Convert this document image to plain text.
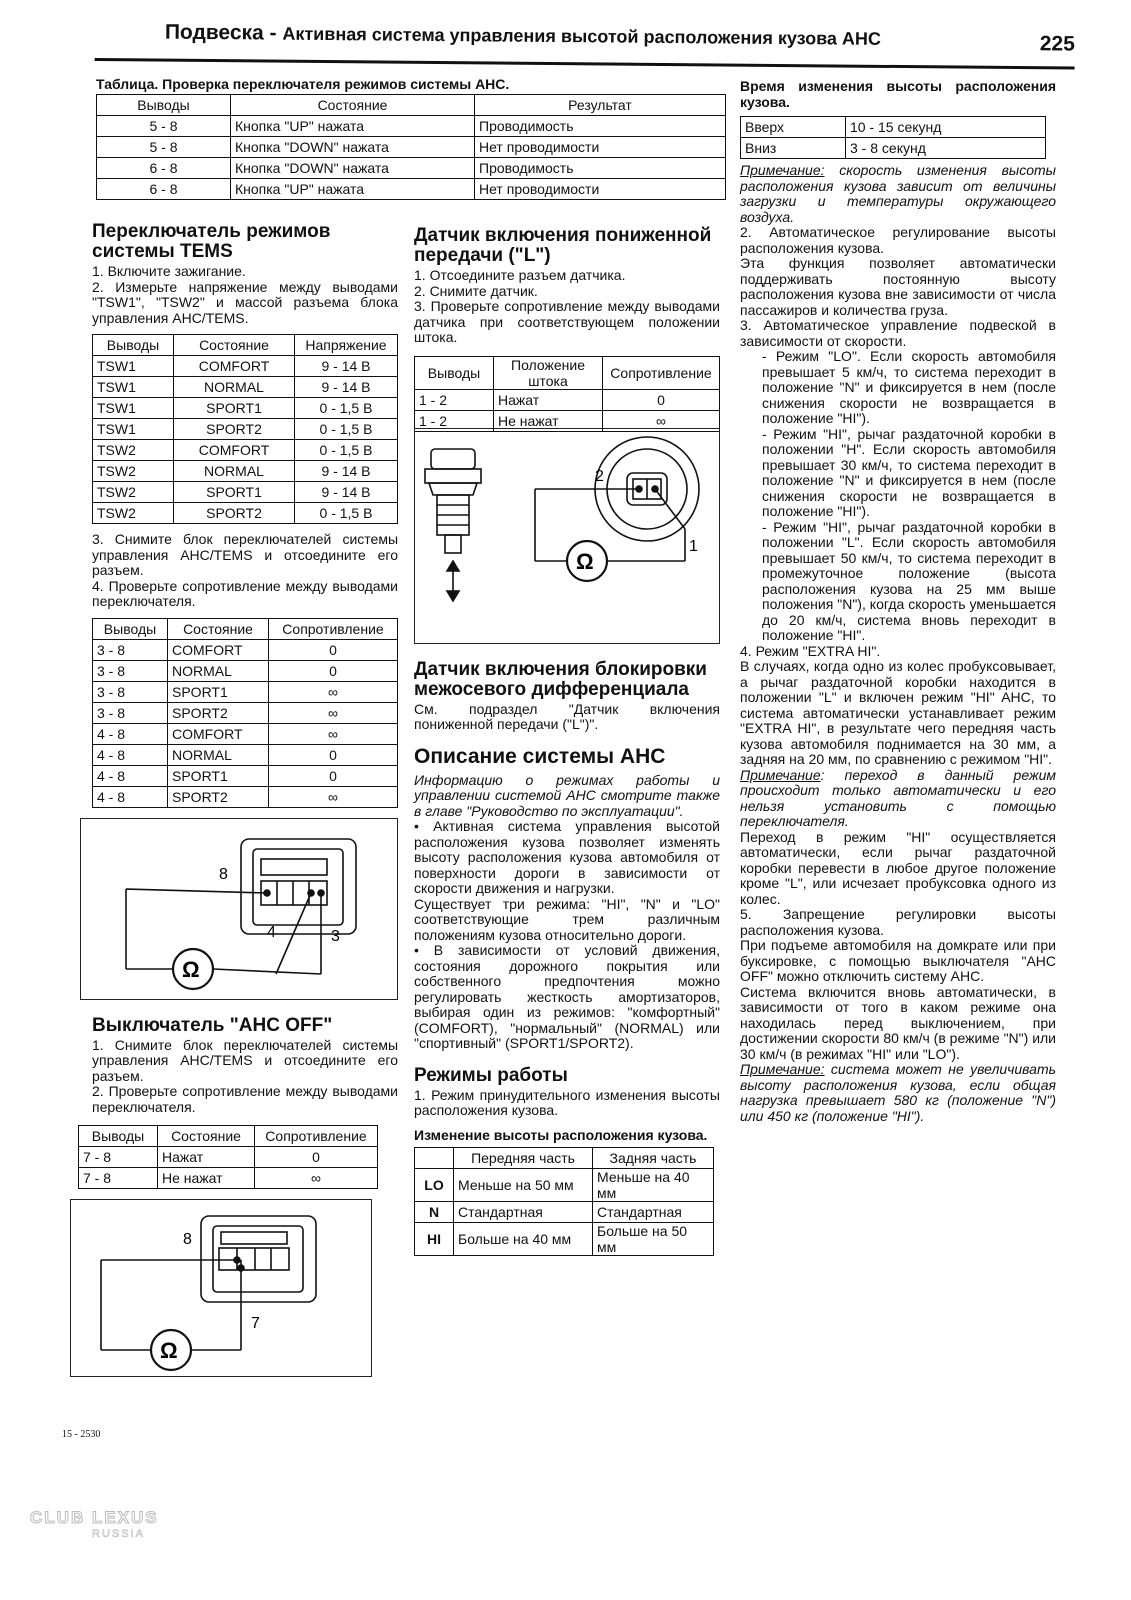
Подвеска - Активная система управления высотой расположения кузова AHC	225

Таблица. Проверка переключателя режимов системы AHC.

Выводы	Состояние	Результат
5 - 8	Кнопка "UP" нажата	Проводимость
5 - 8	Кнопка "DOWN" нажата	Нет проводимости
6 - 8	Кнопка "DOWN" нажата	Проводимость
6 - 8	Кнопка "UP" нажата	Нет проводимости
Переключатель режимов системы TEMS

1. Включите зажигание.

2. Измерьте напряжение между выводами "TSW1", "TSW2" и массой разъема блока управления AHC/TEMS.

Выводы	Состояние	Напряжение
TSW1	COMFORT	9 - 14 В
TSW1	NORMAL	9 - 14 В
TSW1	SPORT1	0 - 1,5 В
TSW1	SPORT2	0 - 1,5 В
TSW2	COMFORT	0 - 1,5 В
TSW2	NORMAL	9 - 14 В
TSW2	SPORT1	9 - 14 В
TSW2	SPORT2	0 - 1,5 В

3. Снимите блок переключателей системы управления AHC/TEMS и отсоедините его разъем.

4. Проверьте сопротивление между выводами переключателя.

Выводы	Состояние	Сопротивление
3 - 8	COMFORT	0
3 - 8	NORMAL	0
3 - 8	SPORT1	∞
3 - 8	SPORT2	∞
4 - 8	COMFORT	∞
4 - 8	NORMAL	0
4 - 8	SPORT1	0
4 - 8	SPORT2	∞
8
4	3
Ω
Выключатель "AHC OFF"

1. Снимите блок переключателей системы управления AHC/TEMS и отсоедините его разъем.

2. Проверьте сопротивление между выводами переключателя.

Выводы	Состояние	Сопротивление
7 - 8	Нажат	0
7 - 8	Не нажат	∞
8
7
Ω
Датчик включения пониженной передачи ("L")

1. Отсоедините разъем датчика.

2. Снимите датчик.

3. Проверьте сопротивление между выводами датчика при соответствующем положении штока.

Выводы	Положение штока	Сопротивление
1 - 2	Нажат	0
1 - 2	Не нажат	∞
2
1
Ω
Датчик включения блокировки межосевого дифференциала

См. подраздел "Датчик включения пониженной передачи ("L")".

Описание системы AHC

Информацию о режимах работы и управлении системой AHC смотрите также в главе "Руководство по эксплуатации".

• Активная система управления высотой расположения кузова позволяет изменять высоту расположения кузова автомобиля от поверхности дороги в зависимости от скорости движения и нагрузки.

Существует три режима: "HI", "N" и "LO" соответствующие трем различным положениям кузова относительно дороги.

• В зависимости от условий движения, состояния дорожного покрытия или собственного предпочтения можно регулировать жесткость амортизаторов, выбирая один из режимов: "комфортный" (COMFORT), "нормальный" (NORMAL) или "спортивный" (SPORT1/SPORT2).

Режимы работы

1. Режим принудительного изменения высоты расположения кузова.

Изменение высоты расположения кузова.

	Передняя часть	Задняя часть
LO	Меньше на 50 мм	Меньше на 40 мм
N	Стандартная	Стандартная
HI	Больше на 40 мм	Больше на 50 мм

Время изменения высоты расположения кузова.

Вверх	10 - 15 секунд
Вниз	3 - 8 секунд

Примечание: скорость изменения высоты расположения кузова зависит от величины загрузки и температуры окружающего воздуха.

2. Автоматическое регулирование высоты расположения кузова.

Эта функция позволяет автоматически поддерживать постоянную высоту расположения кузова вне зависимости от числа пассажиров и количества груза.

3. Автоматическое управление подвеской в зависимости от скорости.

- Режим "LO". Если скорость автомобиля превышает 5 км/ч, то система переходит в положение "N" и фиксируется в нем (после снижения скорости не возвращается в положение "HI").

- Режим "HI", рычаг раздаточной коробки в положении "H". Если скорость автомобиля превышает 30 км/ч, то система переходит в положение "N" и фиксируется в нем (после снижения скорости не возвращается в положение "HI").

- Режим "HI", рычаг раздаточной коробки в положении "L". Если скорость автомобиля превышает 50 км/ч, то система переходит в промежуточное положение (высота расположения кузова на 25 мм выше положения "N"), когда скорость уменьшается до 20 км/ч, система вновь переходит в положение "HI".

4. Режим "EXTRA HI".

В случаях, когда одно из колес пробуксовывает, а рычаг раздаточной коробки находится в положении "L" и включен режим "HI" AHC, то система автоматически устанавливает режим "EXTRA HI", в результате чего передняя часть кузова автомобиля поднимается на 30 мм, а задняя на 20 мм, по сравнению с режимом "HI".

Примечание: переход в данный режим происходит только автоматически и его нельзя установить с помощью переключателя.

Переход в режим "HI" осуществляется автоматически, если рычаг раздаточной коробки перевести в любое другое положение кроме "L", или исчезает пробуксовка одного из колес.

5. Запрещение регулировки высоты расположения кузова.

При подъеме автомобиля на домкрате или при буксировке, с помощью выключателя "AHC OFF" можно отключить систему AHC.

Система включится вновь автоматически, в зависимости от того в каком режиме она находилась перед выключением, при достижении скорости 80 км/ч (в режиме "N") или 30 км/ч (в режимах "HI" или "LO").

Примечание: система может не увеличивать высоту расположения кузова, если общая нагрузка превышает 580 кг (положение "N") или 450 кг (положение "HI").

15 - 2530
CLUB LEXUS
RUSSIA
